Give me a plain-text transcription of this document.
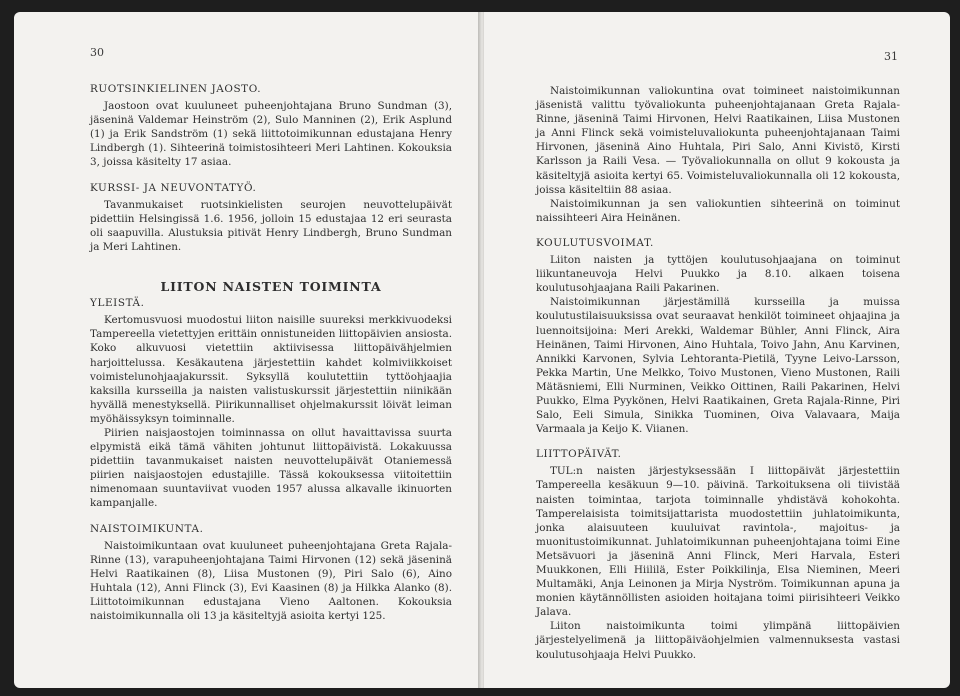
30
RUOTSINKIELINEN JAOSTO.

Jaostoon ovat kuuluneet puheenjohtajana Bruno Sundman (3), jäseninä Valdemar Heinström (2), Sulo Manninen (2), Erik Asplund (1) ja Erik Sandström (1) sekä liittotoimikunnan edustajana Henry Lindbergh (1). Sihteerinä toimistosihteeri Meri Lahtinen. Kokouksia 3, joissa käsitelty 17 asiaa.

KURSSI- JA NEUVONTATYÖ.

Tavanmukaiset ruotsinkielisten seurojen neuvottelupäivät pidettiin Helsingissä 1.6. 1956, jolloin 15 edustajaa 12 eri seurasta oli saapuvilla. Alustuksia pitivät Henry Lindbergh, Bruno Sundman ja Meri Lahtinen.

LIITON NAISTEN TOIMINTA
YLEISTÄ.

Kertomusvuosi muodostui liiton naisille suureksi merkkivuodeksi Tampereella vietettyjen erittäin onnistuneiden liittopäivien ansiosta. Koko alkuvuosi vietettiin aktiivisessa liittopäivähjelmien harjoittelussa. Kesäkautena järjestettiin kahdet kolmiviikkoiset voimistelunohjaajakurssit. Syksyllä koulutettiin tyttöohjaajia kaksilla kursseilla ja naisten valistuskurssit järjestettiin niinikään hyvällä menestyksellä. Piirikunnalliset ohjelmakurssit löivät leiman myöhäissyksyn toiminnalle.

Piirien naisjaostojen toiminnassa on ollut havaittavissa suurta elpymistä eikä tämä vähiten johtunut liittopäivistä. Lokakuussa pidettiin tavanmukaiset naisten neuvottelupäivät Otaniemessä piirien naisjaostojen edustajille. Tässä kokouksessa viitoitettiin nimenomaan suuntaviivat vuoden 1957 alussa alkavalle ikinuorten kampanjalle.

NAISTOIMIKUNTA.

Naistoimikuntaan ovat kuuluneet puheenjohtajana Greta Rajala-Rinne (13), varapuheenjohtajana Taimi Hirvonen (12) sekä jäseninä Helvi Raatikainen (8), Liisa Mustonen (9), Piri Salo (6), Aino Huhtala (12), Anni Flinck (3), Evi Kaasinen (8) ja Hilkka Alanko (8). Liittotoimikunnan edustajana Vieno Aaltonen. Kokouksia naistoimikunnalla oli 13 ja käsiteltyjä asioita kertyi 125.

31

Naistoimikunnan valiokuntina ovat toimineet naistoimikunnan jäsenistä valittu työvaliokunta puheenjohtajanaan Greta Rajala-Rinne, jäseninä Taimi Hirvonen, Helvi Raatikainen, Liisa Mustonen ja Anni Flinck sekä voimisteluvaliokunta puheenjohtajanaan Taimi Hirvonen, jäseninä Aino Huhtala, Piri Salo, Anni Kivistö, Kirsti Karlsson ja Raili Vesa. — Työvaliokunnalla on ollut 9 kokousta ja käsiteltyjä asioita kertyi 65. Voimisteluvaliokunnalla oli 12 kokousta, joissa käsiteltiin 88 asiaa.

Naistoimikunnan ja sen valiokuntien sihteerinä on toiminut naissihteeri Aira Heinänen.

KOULUTUSVOIMAT.

Liiton naisten ja tyttöjen koulutusohjaajana on toiminut liikuntaneuvoja Helvi Puukko ja 8.10. alkaen toisena koulutusohjaajana Raili Pakarinen.

Naistoimikunnan järjestämillä kursseilla ja muissa koulutustilaisuuksissa ovat seuraavat henkilöt toimineet ohjaajina ja luennoitsijoina: Meri Arekki, Waldemar Bühler, Anni Flinck, Aira Heinänen, Taimi Hirvonen, Aino Huhtala, Toivo Jahn, Anu Karvinen, Annikki Karvonen, Sylvia Lehtoranta-Pietilä, Tyyne Leivo-Larsson, Pekka Martin, Une Melkko, Toivo Mustonen, Vieno Mustonen, Raili Mätäsniemi, Elli Nurminen, Veikko Oittinen, Raili Pakarinen, Helvi Puukko, Elma Pyykönen, Helvi Raatikainen, Greta Rajala-Rinne, Piri Salo, Eeli Simula, Sinikka Tuominen, Oiva Valavaara, Maija Varmaala ja Keijo K. Viianen.

LIITTOPÄIVÄT.

TUL:n naisten järjestyksessään I liittopäivät järjestettiin Tampereella kesäkuun 9—10. päivinä. Tarkoituksena oli tiivistää naisten toimintaa, tarjota toiminnalle yhdistävä kohokohta. Tamperelaisista toimitsijattarista muodostettiin juhlatoimikunta, jonka alaisuuteen kuuluivat ravintola-, majoitus- ja muonitustoimikunnat. Juhlatoimikunnan puheenjohtajana toimi Eine Metsävuori ja jäseninä Anni Flinck, Meri Harvala, Esteri Muukkonen, Elli Hiililä, Ester Poikkilinja, Elsa Nieminen, Meeri Multamäki, Anja Leinonen ja Mirja Nyström. Toimikunnan apuna ja monien käytännöllisten asioiden hoitajana toimi piirisihteeri Veikko Jalava.

Liiton naistoimikunta toimi ylimpänä liittopäivien järjestelyelimenä ja liittopäiväohjelmien valmennuksesta vastasi koulutusohjaaja Helvi Puukko.
